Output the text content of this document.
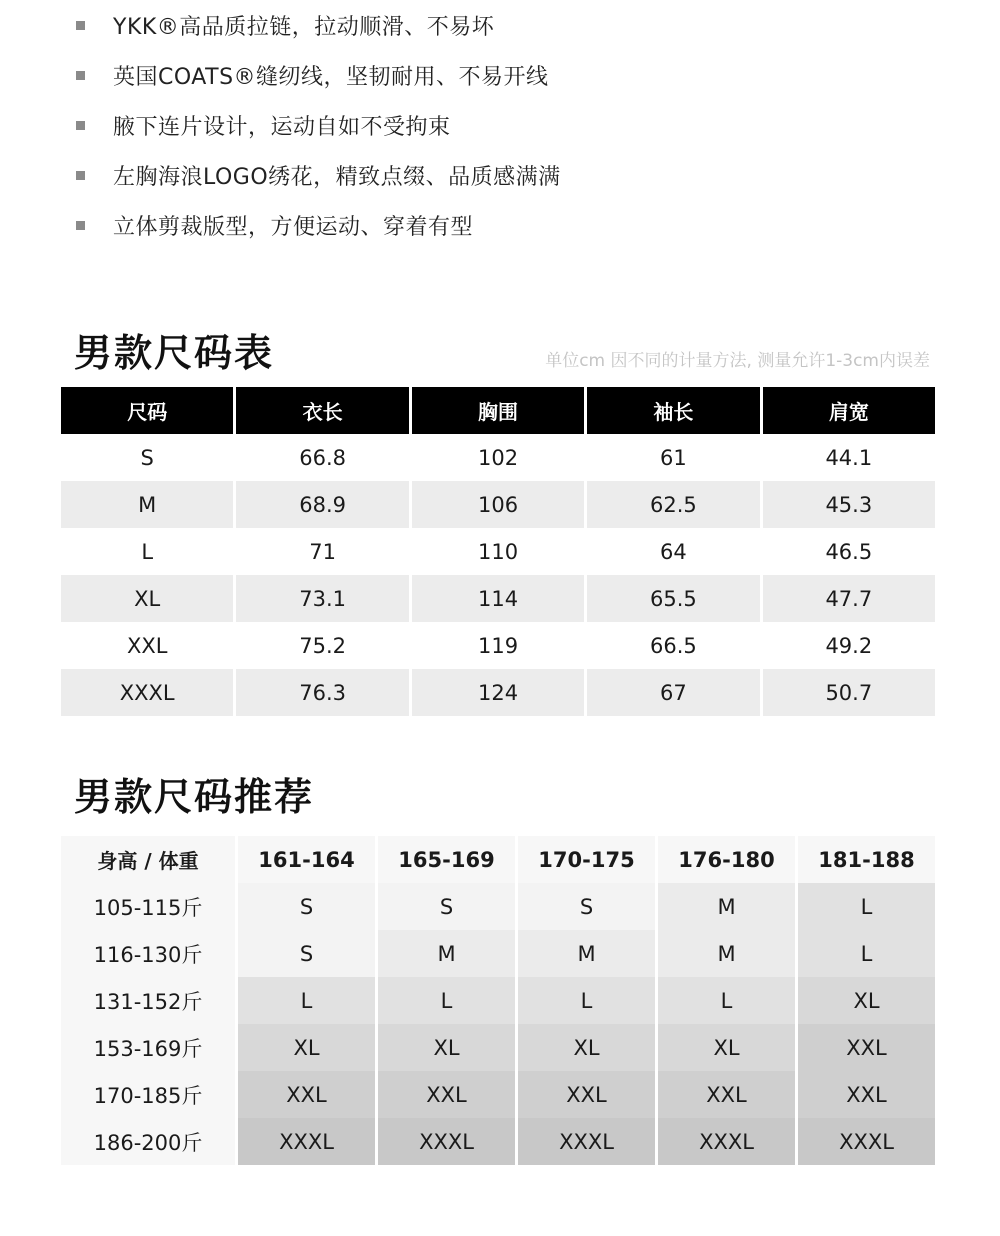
YKK®高品质拉链，拉动顺滑、不易坏
英国COATS®缝纫线，坚韧耐用、不易开线
腋下连片设计，运动自如不受拘束
左胸海浪LOGO绣花，精致点缀、品质感满满
立体剪裁版型，方便运动、穿着有型
男款尺码表	单位cm 因不同的计量方法, 测量允许1-3cm内误差
尺码	衣长	胸围	袖长	肩宽
S	66.8	102	61	44.1
M	68.9	106	62.5	45.3
L	71	110	64	46.5
XL	73.1	114	65.5	47.7
XXL	75.2	119	66.5	49.2
XXXL	76.3	124	67	50.7
男款尺码推荐
身高 / 体重	161-164	165-169	170-175	176-180	181-188
105-115斤	S	S	S	M	L
116-130斤	S	M	M	M	L
131-152斤	L	L	L	L	XL
153-169斤	XL	XL	XL	XL	XXL
170-185斤	XXL	XXL	XXL	XXL	XXL
186-200斤	XXXL	XXXL	XXXL	XXXL	XXXL
